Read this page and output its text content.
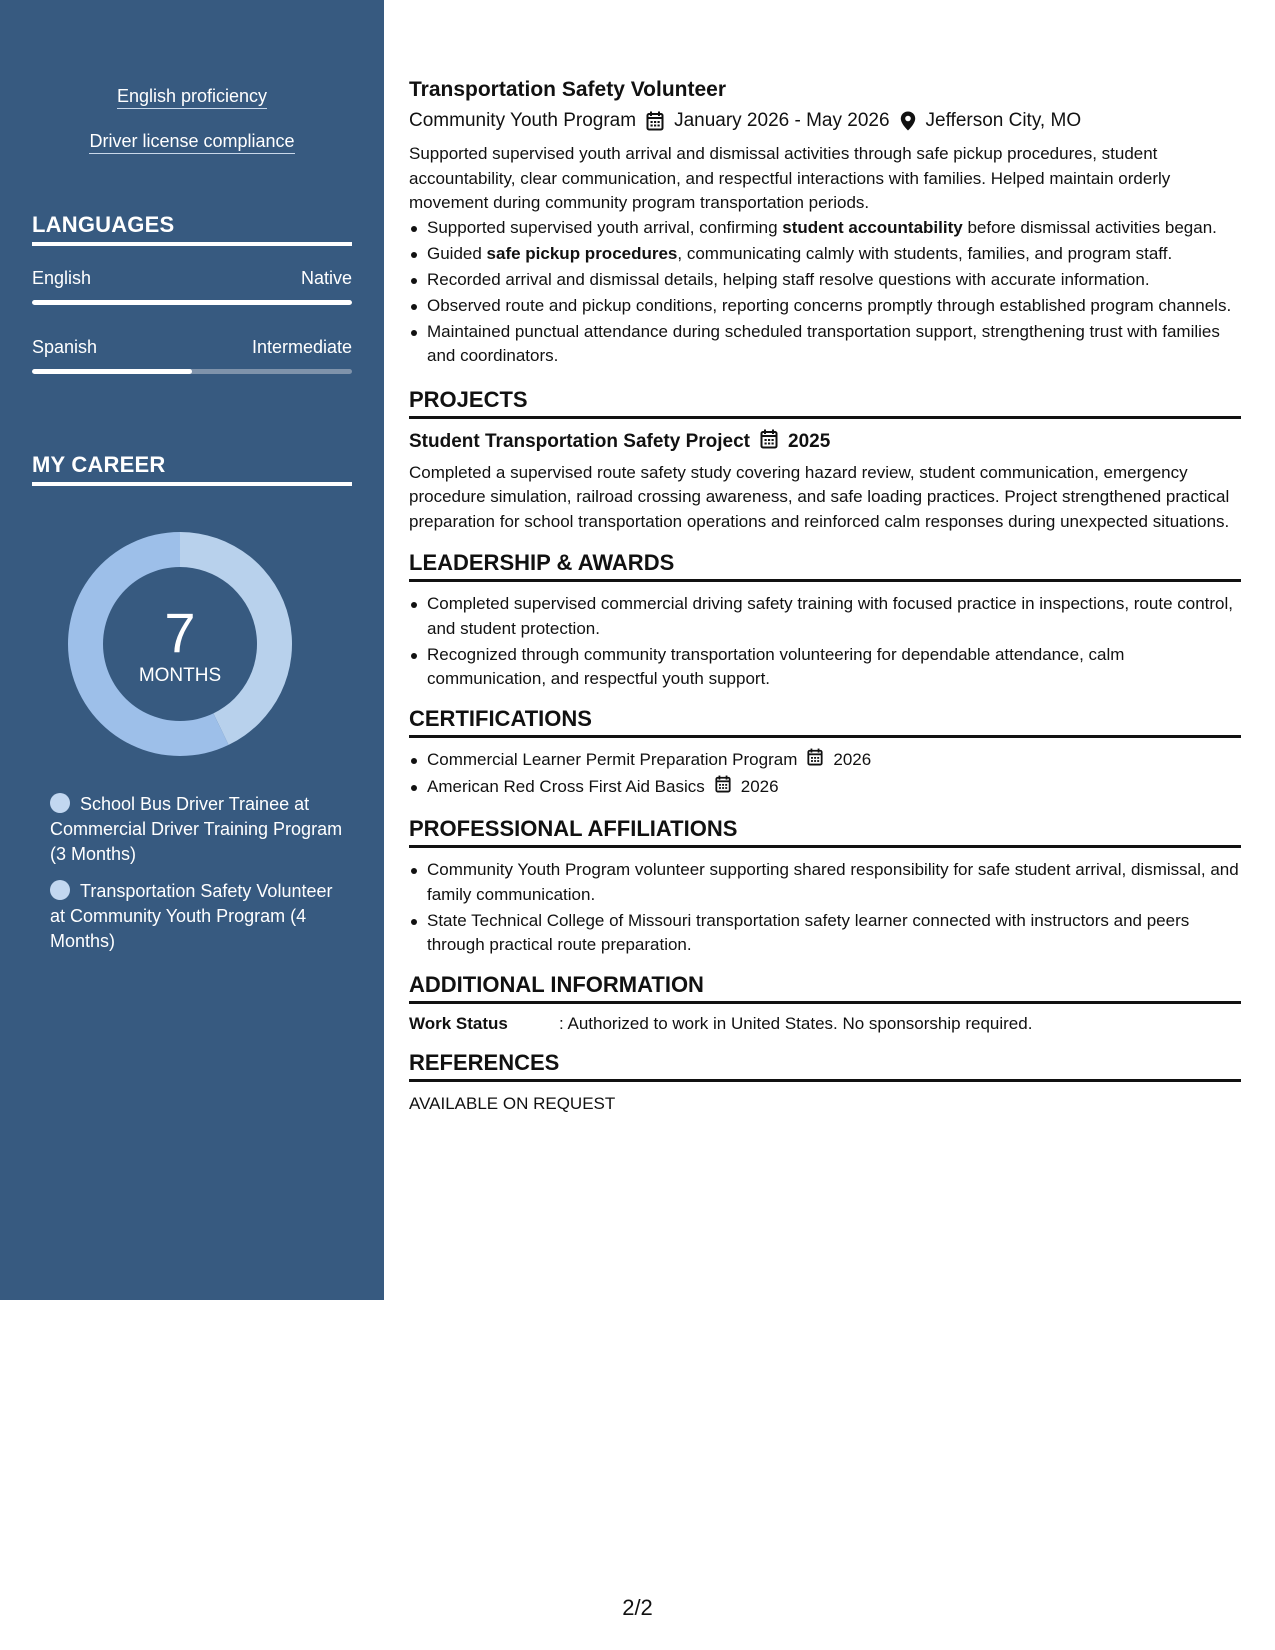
English proficiency
Driver license compliance
LANGUAGES
English	Native
Spanish	Intermediate
MY CAREER
7
MONTHS
School Bus Driver Trainee at Commercial Driver Training Program (3 Months)
Transportation Safety Volunteer at Community Youth Program (4 Months)
Transportation Safety Volunteer
Community Youth Program January 2026 - May 2026 Jefferson City, MO
Supported supervised youth arrival and dismissal activities through safe pickup procedures, student accountability, clear communication, and respectful interactions with families. Helped maintain orderly movement during community program transportation periods.
Supported supervised youth arrival, confirming student accountability before dismissal activities began.
Guided safe pickup procedures, communicating calmly with students, families, and program staff.
Recorded arrival and dismissal details, helping staff resolve questions with accurate information.
Observed route and pickup conditions, reporting concerns promptly through established program channels.
Maintained punctual attendance during scheduled transportation support, strengthening trust with families and coordinators.
PROJECTS
Student Transportation Safety Project 2025
Completed a supervised route safety study covering hazard review, student communication, emergency procedure simulation, railroad crossing awareness, and safe loading practices. Project strengthened practical preparation for school transportation operations and reinforced calm responses during unexpected situations.
LEADERSHIP & AWARDS
Completed supervised commercial driving safety training with focused practice in inspections, route control, and student protection.
Recognized through community transportation volunteering for dependable attendance, calm communication, and respectful youth support.
CERTIFICATIONS
Commercial Learner Permit Preparation Program 2026
American Red Cross First Aid Basics 2026
PROFESSIONAL AFFILIATIONS
Community Youth Program volunteer supporting shared responsibility for safe student arrival, dismissal, and family communication.
State Technical College of Missouri transportation safety learner connected with instructors and peers through practical route preparation.
ADDITIONAL INFORMATION
Work Status	: Authorized to work in United States. No sponsorship required.
REFERENCES
AVAILABLE ON REQUEST
2/2
